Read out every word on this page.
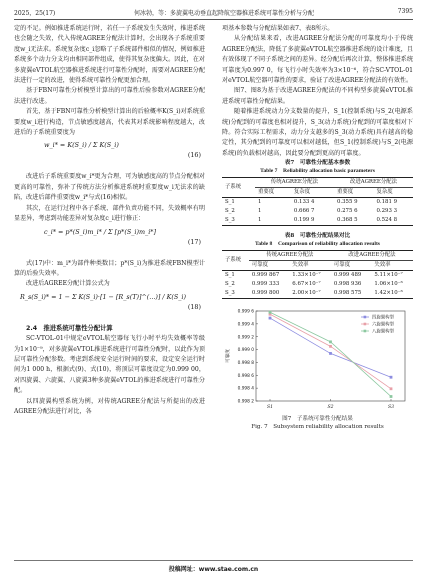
2025，25(17)	何冰勃，等：多旋翼电动垂直起降航空器推进系统可靠性分析与分配	7395

定的不足。例如推进系统运行时，若任一子系统发生失效时，推进系统也会随之失效，代入传统AGREE分配法计算时，会出现各子系统重要度w_i无法求。系统复杂度c_i忽略了子系统部件相似的情况，例如推进系统多个动力分支均由相同部件组成，使得其复杂度偏大。因此，在对多旋翼eVTOL航空器推进系统进行可靠性分配时，需要对AGREE分配法进行一定的改进，使得系统可靠性分配更加合理。

基于FBN可靠性分析模型计算出的可靠性后验参数对AGREE分配法进行改进。

首先，基于FBN可靠性分析模型计算出的后验概率K(S_i)对系统重要度w_i进行构造，节点敏感度越高，代表其对系统影响程度越大，改进后的子系统重要度为

w_i* = K(S_i) / Σ K(S_i)
(16)

改进后子系统重要度w_i*更为合理，可为敏感度高的节点分配相对更高的可靠性，弥补了传统方法分析推进系统时重要度w_i无法求的缺陷，改进后部件重要度w_i*与式(16)相似。

其次，在运行过程中各子系统、部件负责功能不同，失效概率有明显差异，考虑到功能差异对复杂度c_i进行修正：

c_i* = p*(S_i)m_i* / Σ [p*(S_i)m_i*]
(17)

式(17)中：m_i*为部件种类数目；p*(S_i)为推进系统FBN模型计算的后验失效率。

改进后AGREE分配计算公式为

R_s(S_i)* = 1 − Σ K(S_i)·[1 − [R_s(T)]^(...)] / K(S_i)
(18)

2.4　推进系统可靠性分配计算

SC-VTOL-01中规定eVTOL航空器每飞行小时平均失效概率等级为1×10⁻⁹，对多旋翼eVTOL推进系统进行可靠性分配时，以此作为顶层可靠性分配参数。考虑到系统安全运行时间的要求，设定安全运行时间为1 000 h，根据式(9)、式(10)，将顶层可靠度设定为0.999 00，对四旋翼、六旋翼、八旋翼3种多旋翼eVTOL的推进系统进行可靠性分配。

以四旋翼构型系统为例，对传统AGREE分配法与所提出的改进AGREE分配法进行对比，各

项基本参数与分配结果如表7、表8所示。

从分配结果来看，改进AGREE分配法分配的可靠度均小于传统AGREE分配法，降低了多旋翼eVTOL航空器推进系统的设计难度，且有效体现了不同子系统之间的差异。经分配后再次计算，整体推进系统可靠度为0.997 0，每飞行小时失效率为3×10⁻⁶，符合SC-VTOL-01对eVTOL航空器可靠性的要求，验证了改进AGREE分配法的有效性。

图7、图8为基于改进AGREE分配法的不同构型多旋翼eVTOL推进系统可靠性分配结果。

随着推进系统动力分支数量的提升，S_1(控制系统)与S_2(电源系统)分配到的可靠度也相对提升，S_3(动力系统)分配到的可靠度相对下降。符合实际工程需求，动力分支越多的S_3(动力系统)具有越高的稳定性，其分配到的可靠度可以相对越低，但S_1(控制系统)与S_2(电源系统)的负载相对越高，因此要分配到更高的可靠度。

表7　可靠性分配基本参数
Table 7　Reliability allocation basic parameters
子系统	传统AGREE分配法		改进AGREE分配法	
	重要度	复杂度	重要度	复杂度
S_1	1	0.133 4	0.355 9	0.181 9
S_2	1	0.666 7	0.275 6	0.293 3
S_3	1	0.199 9	0.368 5	0.524 8
表8　可靠性分配结果对比
Table 8　Comparison of reliability allocation results
子系统	传统AGREE分配法		改进AGREE分配法	
	可靠度	失效率	可靠度	失效率
S_1	0.999 867	1.33×10⁻⁷	0.999 489	5.11×10⁻⁷
S_2	0.999 333	6.67×10⁻⁷	0.998 936	1.06×10⁻⁶
S_3	0.999 800	2.00×10⁻⁷	0.998 575	1.42×10⁻⁶
0.999 6
0.999 4
0.999 2
0.999 0
0.998 8
0.998 6
0.998 4
0.998 2
可靠度
S1	S2	S3
四旋翼构型
六旋翼构型
八旋翼构型
图7　子系统可靠性分配结果
Fig. 7　Subsystem reliability allocation results
投稿网址：www.stae.com.cn
